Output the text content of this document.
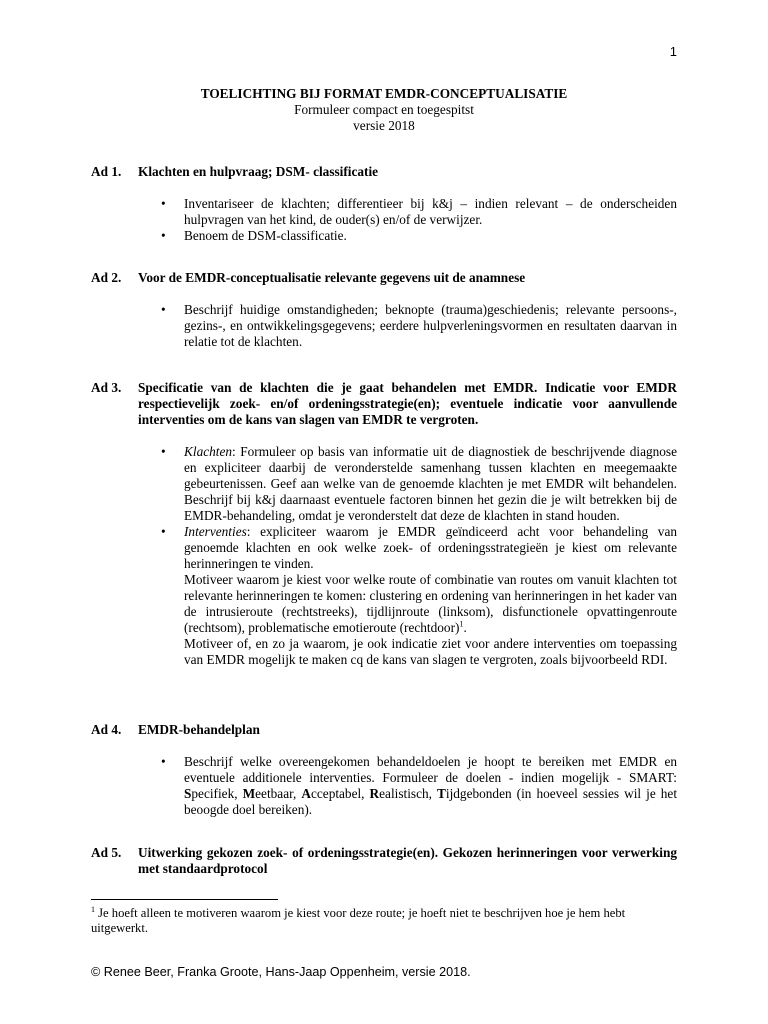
1
TOELICHTING BIJ FORMAT EMDR-CONCEPTUALISATIE
Formuleer compact en toegespitst
versie 2018
Ad 1.	Klachten en hulpvraag; DSM- classificatie
• Inventariseer de klachten; differentieer bij k&j – indien relevant – de onderscheiden hulpvragen van het kind, de ouder(s) en/of de verwijzer.
• Benoem de DSM-classificatie.
Ad 2.	Voor de EMDR-conceptualisatie relevante gegevens uit de anamnese
• Beschrijf huidige omstandigheden; beknopte (trauma)geschiedenis; relevante persoons-, gezins-, en ontwikkelingsgegevens; eerdere hulpverleningsvormen en resultaten daarvan in relatie tot de klachten.
Ad 3.	Specificatie van de klachten die je gaat behandelen met EMDR. Indicatie voor EMDR respectievelijk zoek- en/of ordeningsstrategie(en); eventuele indicatie voor aanvullende interventies om de kans van slagen van EMDR te vergroten.
• Klachten: Formuleer op basis van informatie uit de diagnostiek de beschrijvende diagnose en expliciteer daarbij de veronderstelde samenhang tussen klachten en meegemaakte gebeurtenissen. Geef aan welke van de genoemde klachten je met EMDR wilt behandelen. Beschrijf bij k&j daarnaast eventuele factoren binnen het gezin die je wilt betrekken bij de EMDR-behandeling, omdat je veronderstelt dat deze de klachten in stand houden.
• Interventies: expliciteer waarom je EMDR geïndiceerd acht voor behandeling van genoemde klachten en ook welke zoek- of ordeningsstrategieën je kiest om relevante herinneringen te vinden.
Motiveer waarom je kiest voor welke route of combinatie van routes om vanuit klachten tot relevante herinneringen te komen: clustering en ordening van herinneringen in het kader van de intrusieroute (rechtstreeks), tijdlijnroute (linksom), disfunctionele opvattingenroute (rechtsom), problematische emotieroute (rechtdoor)$^1$.
Motiveer of, en zo ja waarom, je ook indicatie ziet voor andere interventies om toepassing van EMDR mogelijk te maken cq de kans van slagen te vergroten, zoals bijvoorbeeld RDI.
Ad 4.	EMDR-behandelplan
• Beschrijf welke overeengekomen behandeldoelen je hoopt te bereiken met EMDR en eventuele additionele interventies. Formuleer de doelen - indien mogelijk - SMART: Specifiek, Meetbaar, Acceptabel, Realistisch, Tijdgebonden (in hoeveel sessies wil je het beoogde doel bereiken).
Ad 5.	Uitwerking gekozen zoek- of ordeningsstrategie(en). Gekozen herinneringen voor verwerking met standaardprotocol
$^1$ Je hoeft alleen te motiveren waarom je kiest voor deze route; je hoeft niet te beschrijven hoe je hem hebt uitgewerkt.
© Renee Beer, Franka Groote, Hans-Jaap Oppenheim, versie 2018.
